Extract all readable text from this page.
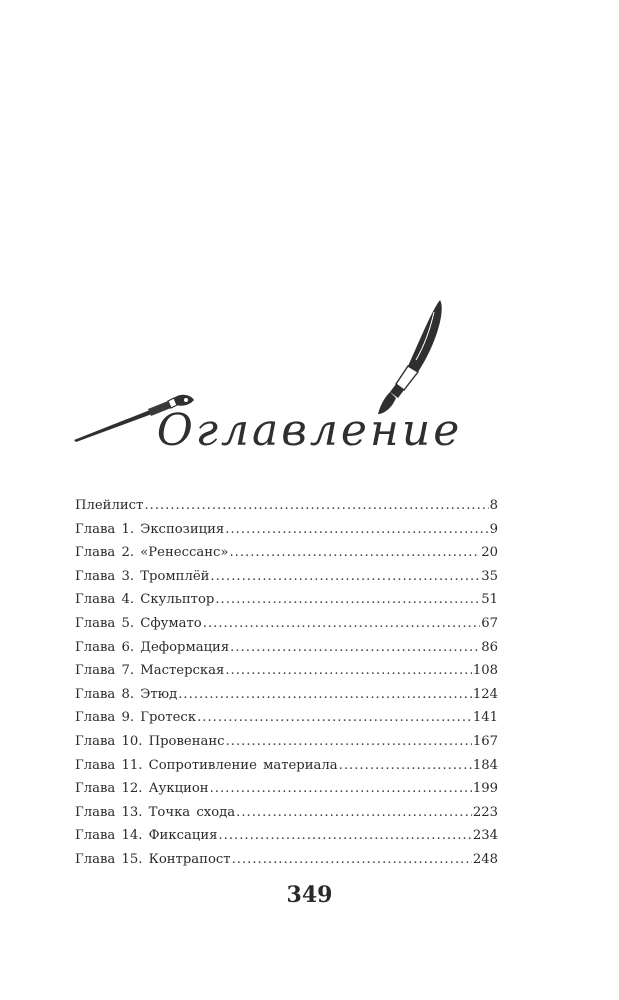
Оглавление
Плейлист .....	8
Глава 1. Экспозиция .....	9
Глава 2. «Ренессанс» .....	20
Глава 3. Тромплёй .....	35
Глава 4. Скульптор .....	51
Глава 5. Сфумато .....	67
Глава 6. Деформация .....	86
Глава 7. Мастерская .....	108
Глава 8. Этюд .....	124
Глава 9. Гротеск .....	141
Глава 10. Провенанс .....	167
Глава 11. Сопротивление материала .....	184
Глава 12. Аукцион .....	199
Глава 13. Точка схода .....	223
Глава 14. Фиксация .....	234
Глава 15. Контрапост .....	248
349
